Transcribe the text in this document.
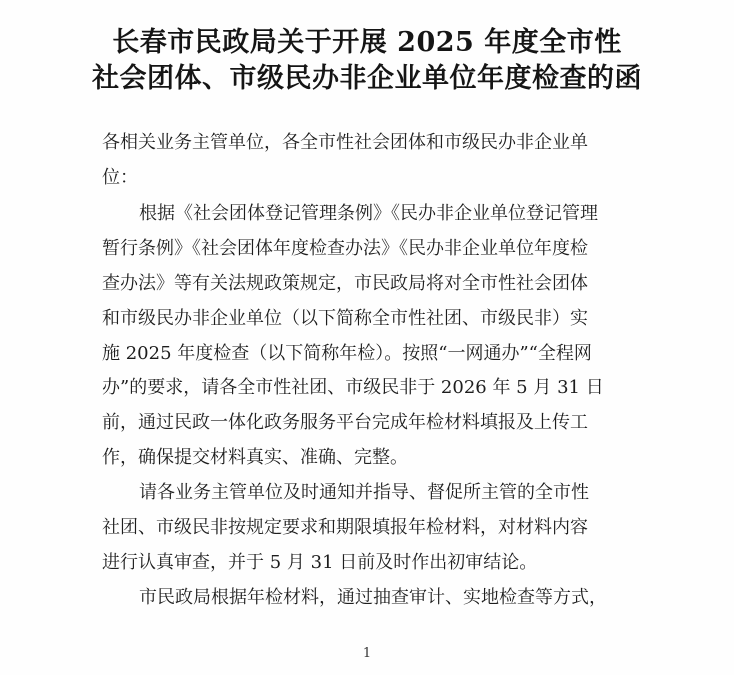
长春市民政局关于开展 2025 年度全市性
社会团体、市级民办非企业单位年度检查的函
各相关业务主管单位，各全市性社会团体和市级民办非企业单
位：
根据《社会团体登记管理条例》《民办非企业单位登记管理
暂行条例》《社会团体年度检查办法》《民办非企业单位年度检
查办法》等有关法规政策规定，市民政局将对全市性社会团体
和市级民办非企业单位（以下简称全市性社团、市级民非）实
施 2025 年度检查（以下简称年检）。按照“一网通办”“全程网
办”的要求，请各全市性社团、市级民非于 2026 年 5 月 31 日
前，通过民政一体化政务服务平台完成年检材料填报及上传工
作，确保提交材料真实、准确、完整。
请各业务主管单位及时通知并指导、督促所主管的全市性
社团、市级民非按规定要求和期限填报年检材料，对材料内容
进行认真审查，并于 5 月 31 日前及时作出初审结论。
市民政局根据年检材料，通过抽查审计、实地检查等方式，
1
